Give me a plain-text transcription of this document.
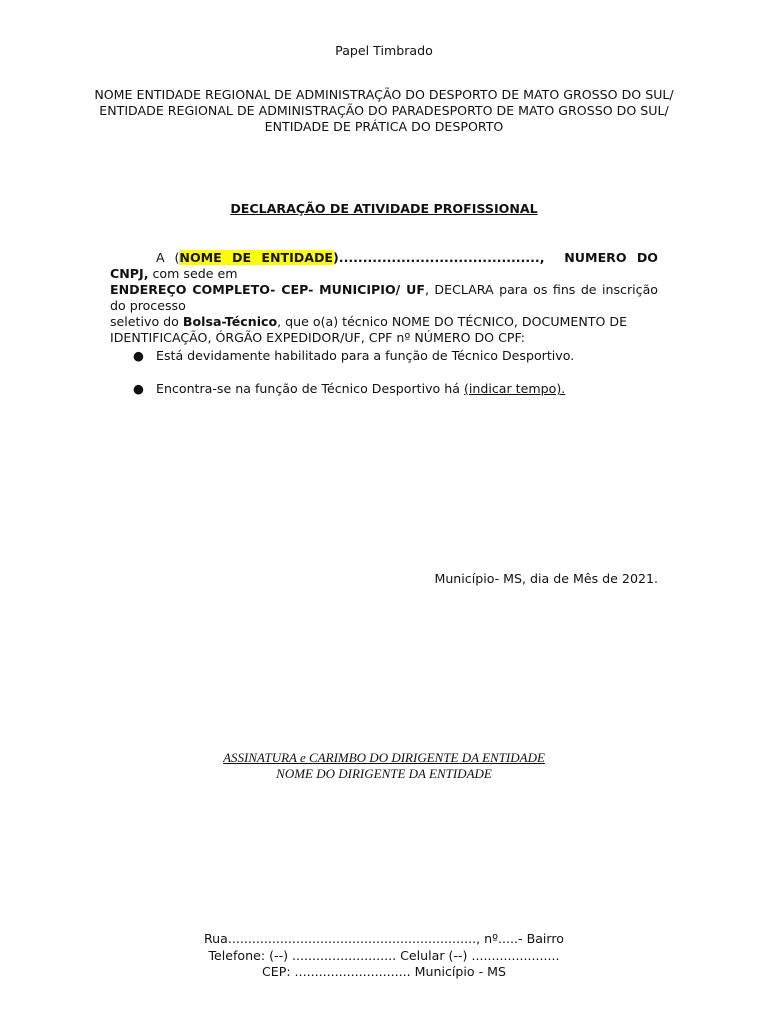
Papel Timbrado
NOME ENTIDADE REGIONAL DE ADMINISTRAÇÃO DO DESPORTO DE MATO GROSSO DO SUL/
ENTIDADE REGIONAL DE ADMINISTRAÇÃO DO PARADESPORTO DE MATO GROSSO DO SUL/
ENTIDADE DE PRÁTICA DO DESPORTO
DECLARAÇÃO DE ATIVIDADE PROFISSIONAL
A (NOME DE ENTIDADE).........................................., NUMERO DO CNPJ, com sede em
ENDEREÇO COMPLETO- CEP- MUNICIPIO/ UF, DECLARA para os fins de inscrição do processo
seletivo do Bolsa-Técnico, que o(a) técnico NOME DO TÉCNICO, DOCUMENTO DE
IDENTIFICAÇÃO, ÓRGÃO EXPEDIDOR/UF, CPF nº NÚMERO DO CPF:
● Está devidamente habilitado para a função de Técnico Desportivo.
● Encontra-se na função de Técnico Desportivo há (indicar tempo).
Município- MS, dia de Mês de 2021.
ASSINATURA e CARIMBO DO DIRIGENTE DA ENTIDADE
NOME DO DIRIGENTE DA ENTIDADE
Rua.............................................................., nº.....- Bairro
Telefone: (--) .......................... Celular (--) ......................
CEP: ............................. Município - MS
